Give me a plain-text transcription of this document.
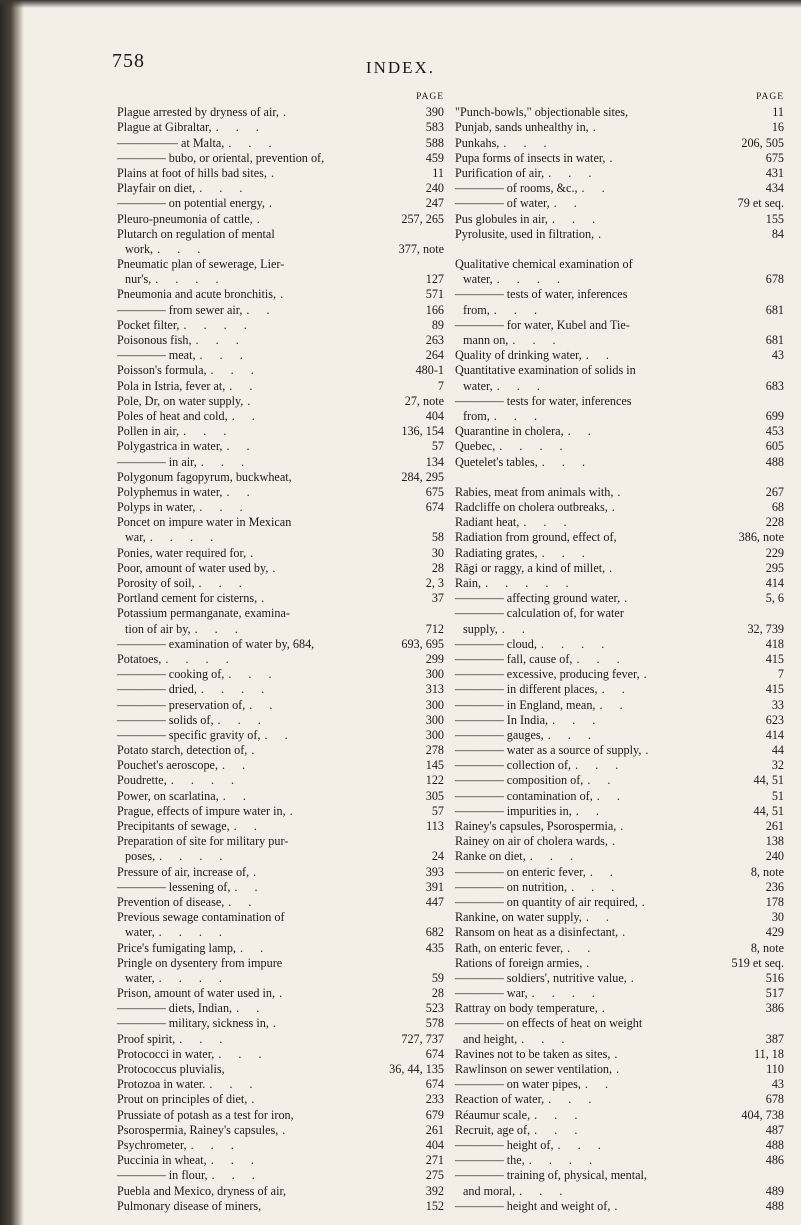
758	INDEX.
PAGE
Plague arrested by dryness of air, .	390
Plague at Gibraltar, . . .	583
――――― at Malta, . . .	588
―――― bubo, or oriental, prevention of,	459
Plains at foot of hills bad sites, .	11
Playfair on diet, . . .	240
―――― on potential energy, .	247
Pleuro-pneumonia of cattle, .	257, 265
Plutarch on regulation of mental
work, . . .	377, note
Pneumatic plan of sewerage, Lier-
nur's, . . . .	127
Pneumonia and acute bronchitis, .	571
―――― from sewer air, . .	166
Pocket filter, . . . .	89
Poisonous fish, . . .	263
―――― meat, . . .	264
Poisson's formula, . . .	480-1
Pola in Istria, fever at, . .	7
Pole, Dr, on water supply, .	27, note
Poles of heat and cold, . .	404
Pollen in air, . . .	136, 154
Polygastrica in water, . .	57
―――― in air, . . .	134
Polygonum fagopyrum, buckwheat,	284, 295
Polyphemus in water, . .	675
Polyps in water, . . .	674
Poncet on impure water in Mexican
war, . . . .	58
Ponies, water required for, .	30
Poor, amount of water used by, .	28
Porosity of soil, . . .	2, 3
Portland cement for cisterns, .	37
Potassium permanganate, examina-
tion of air by, . . .	712
―――― examination of water by, 684,	693, 695
Potatoes, . . . .	299
―――― cooking of, . . .	300
―――― dried, . . . .	313
―――― preservation of, . .	300
―――― solids of, . . .	300
―――― specific gravity of, . .	300
Potato starch, detection of, .	278
Pouchet's aeroscope, . .	145
Poudrette, . . . .	122
Power, on scarlatina, . .	305
Prague, effects of impure water in, .	57
Precipitants of sewage, . .	113
Preparation of site for military pur-
poses, . . . .	24
Pressure of air, increase of, .	393
―――― lessening of, . .	391
Prevention of disease, . .	447
Previous sewage contamination of
water, . . . .	682
Price's fumigating lamp, . .	435
Pringle on dysentery from impure
water, . . . .	59
Prison, amount of water used in, .	28
―――― diets, Indian, . .	523
―――― military, sickness in, .	578
Proof spirit, . . .	727, 737
Protococci in water, . . .	674
Protococcus pluvialis,	36, 44, 135
Protozoa in water. . . .	674
Prout on principles of diet, .	233
Prussiate of potash as a test for iron,	679
Psorospermia, Rainey's capsules, .	261
Psychrometer, . . .	404
Puccinia in wheat, . . .	271
―――― in flour, . . .	275
Puebla and Mexico, dryness of air,	392
Pulmonary disease of miners,	152
PAGE
"Punch-bowls," objectionable sites,	11
Punjab, sands unhealthy in, .	16
Punkahs, . . .	206, 505
Pupa forms of insects in water, .	675
Purification of air, . . .	431
―――― of rooms, &c., . .	434
―――― of water, . .	79 et seq.
Pus globules in air, . . .	155
Pyrolusite, used in filtration, .	84
Qualitative chemical examination of
water, . . . .	678
―――― tests of water, inferences
from, . . .	681
―――― for water, Kubel and Tie-
mann on, . . .	681
Quality of drinking water, . .	43
Quantitative examination of solids in
water, . . .	683
―――― tests for water, inferences
from, . . .	699
Quarantine in cholera, . .	453
Quebec, . . . .	605
Quetelet's tables, . . .	488
Rabies, meat from animals with, .	267
Radcliffe on cholera outbreaks, .	68
Radiant heat, . . .	228
Radiation from ground, effect of,	386, note
Radiating grates, . . .	229
Rāgi or raggy, a kind of millet, .	295
Rain, . . . . .	414
―――― affecting ground water, .	5, 6
―――― calculation of, for water
supply, . .	32, 739
―――― cloud, . . . .	418
―――― fall, cause of, . . .	415
―――― excessive, producing fever, .	7
―――― in different places, . .	415
―――― in England, mean, . .	33
―――― In India, . . .	623
―――― gauges, . . .	414
―――― water as a source of supply, .	44
―――― collection of, . . .	32
―――― composition of, . .	44, 51
―――― contamination of, . .	51
―――― impurities in, . .	44, 51
Rainey's capsules, Psorospermia, .	261
Rainey on air of cholera wards, .	138
Ranke on diet, . . .	240
―――― on enteric fever, . .	8, note
―――― on nutrition, . . .	236
―――― on quantity of air required, .	178
Rankine, on water supply, . .	30
Ransom on heat as a disinfectant, .	429
Rath, on enteric fever, . .	8, note
Rations of foreign armies, .	519 et seq.
―――― soldiers', nutritive value, .	516
―――― war, . . . .	517
Rattray on body temperature, .	386
―――― on effects of heat on weight
and height, . . .	387
Ravines not to be taken as sites, .	11, 18
Rawlinson on sewer ventilation, .	110
―――― on water pipes, . .	43
Reaction of water, . . .	678
Réaumur scale, . . .	404, 738
Recruit, age of, . . .	487
―――― height of, . . .	488
―――― the, . . . .	486
―――― training of, physical, mental,
and moral, . . .	489
―――― height and weight of, .	488
